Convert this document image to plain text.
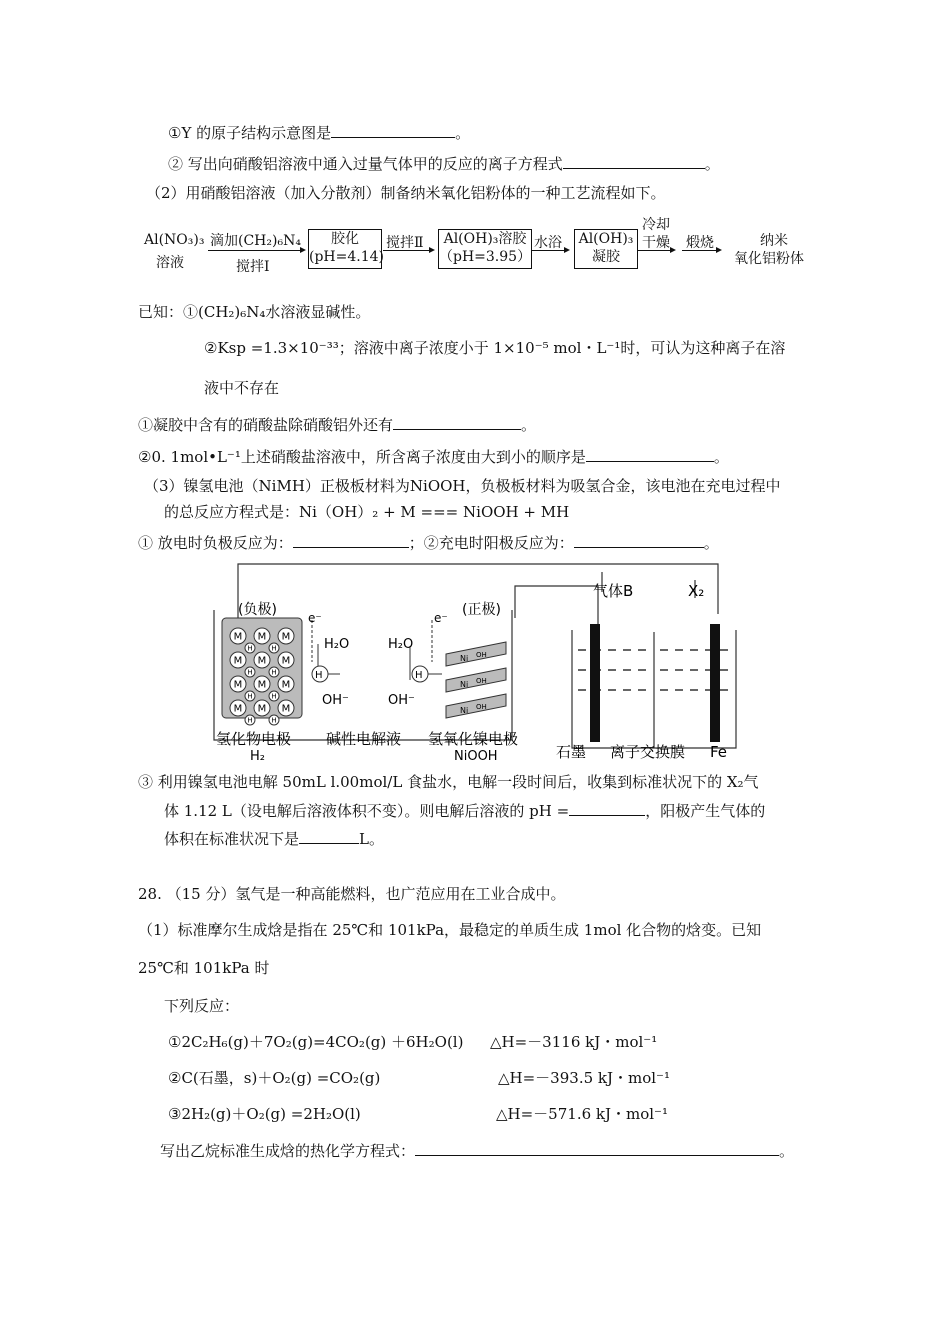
①Y 的原子结构示意图是	。
② 写出向硝酸铝溶液中通入过量气体甲的反应的离子方程式	。
（2）用硝酸铝溶液（加入分散剂）制备纳米氧化铝粉体的一种工艺流程如下。
Al(NO₃)₃
溶液
滴加(CH₂)₆N₄
搅拌Ⅰ
胶化
(pH=4.14)
搅拌Ⅱ	Al(OH)₃溶胶
（pH=3.95）
水浴 Al(OH)₃
凝胶
冷却
干燥 煅烧	纳米
氧化铝粉体
已知：①(CH₂)₆N₄水溶液显碱性。
②Ksp =1.3×10⁻³³；溶液中离子浓度小于 1×10⁻⁵ mol・L⁻¹时，可认为这种离子在溶
液中不存在
①凝胶中含有的硝酸盐除硝酸铝外还有	。
②0. 1mol•L⁻¹上述硝酸盐溶液中，所含离子浓度由大到小的顺序是	。
（3）镍氢电池（NiMH）正极板材料为NiOOH，负极板材料为吸氢合金，该电池在充电过程中
的总反应方程式是：Ni（OH）₂ + M === NiOOH + MH
① 放电时负极反应为：	；②充电时阳极反应为：	。
M M M
M M M
M M M
M M M
H	H
H	H
H	H
H	H
H	H
(负极)	(正极)
e⁻	e⁻
H₂O	H₂O
OH⁻	OH⁻
Ni OH
Ni OH
Ni OH
气体B	X₂
氢化物电极
H₂
碱性电解液 氢氧化镍电极
NiOOH	石墨 离子交换膜 Fe
③ 利用镍氢电池电解 50mL l.00mol/L 食盐水，电解一段时间后，收集到标准状况下的 X₂气
体 1.12 L（设电解后溶液体积不变）。则电解后溶液的 pH =	，阳极产生气体的
体积在标准状况下是	L。
28. （15 分）氢气是一种高能燃料，也广范应用在工业合成中。
（1）标准摩尔生成焓是指在 25℃和 101kPa，最稳定的单质生成 1mol 化合物的焓变。已知
25℃和 101kPa 时
下列反应：
①2C₂H₆(g)＋7O₂(g)=4CO₂(g) ＋6H₂O(l) △H=－3116 kJ・mol⁻¹
②C(石墨，s)＋O₂(g) =CO₂(g)	△H=－393.5 kJ・mol⁻¹
③2H₂(g)＋O₂(g) =2H₂O(l)	△H=－571.6 kJ・mol⁻¹
写出乙烷标准生成焓的热化学方程式：	。
